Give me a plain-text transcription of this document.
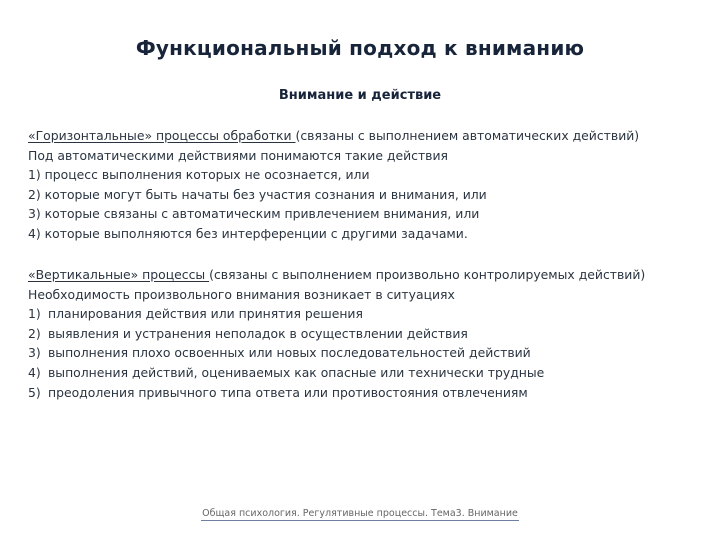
Функциональный подход к вниманию
Внимание и действие
«Горизонтальные» процессы обработки (связаны с выполнением автоматических действий)
Под автоматическими действиями понимаются такие действия
1) процесс выполнения которых не осознается, или
2) которые могут быть начаты без участия сознания и внимания, или
3) которые связаны с автоматическим привлечением внимания, или
4) которые выполняются без интерференции с другими задачами.
«Вертикальные» процессы (связаны с выполнением произвольно контролируемых действий)
Необходимость произвольного внимания возникает в ситуациях
1) планирования действия или принятия решения
2) выявления и устранения неполадок в осуществлении действия
3) выполнения плохо освоенных или новых последовательностей действий
4) выполнения действий, оцениваемых как опасные или технически трудные
5) преодоления привычного типа ответа или противостояния отвлечениям
Общая психология. Регулятивные процессы. Тема3. Внимание
